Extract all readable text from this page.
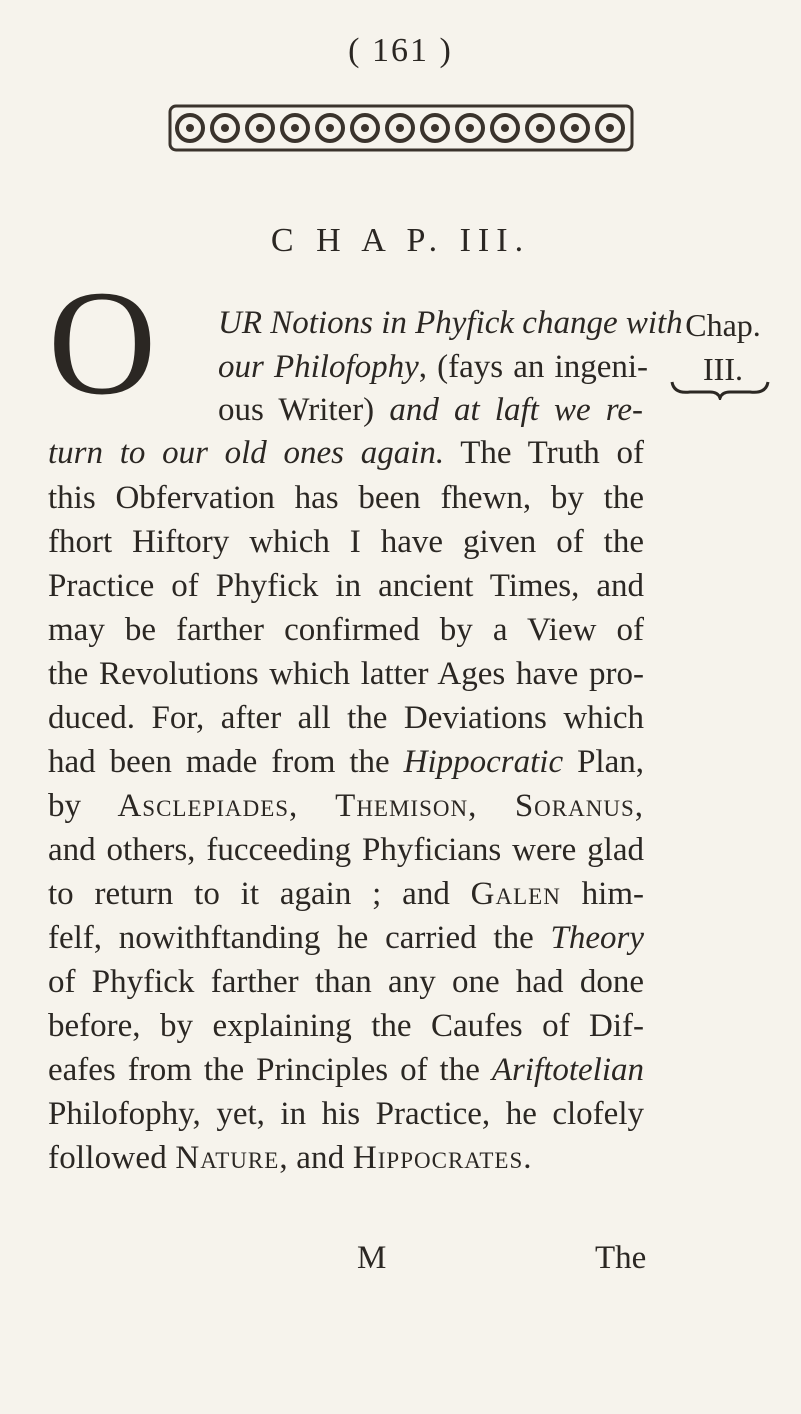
( 161 )
C H A P. III.
Chap.
III.
O UR Notions in Phyfick change with
our Philofophy, (fays an ingeni-
ous Writer) and at laft we re-
turn to our old ones again. The Truth of
this Obfervation has been fhewn, by the
fhort Hiftory which I have given of the
Practice of Phyfick in ancient Times, and
may be farther confirmed by a View of
the Revolutions which latter Ages have pro-
duced. For, after all the Deviations which
had been made from the Hippocratic Plan,
by Asclepiades, Themison, Soranus,
and others, fucceeding Phyficians were glad
to return to it again ; and Galen him-
felf, nowithftanding he carried the Theory
of Phyfick farther than any one had done
before, by explaining the Caufes of Dif-
eafes from the Principles of the Ariftotelian
Philofophy, yet, in his Practice, he clofely
followed Nature, and Hippocrates.
M	The
